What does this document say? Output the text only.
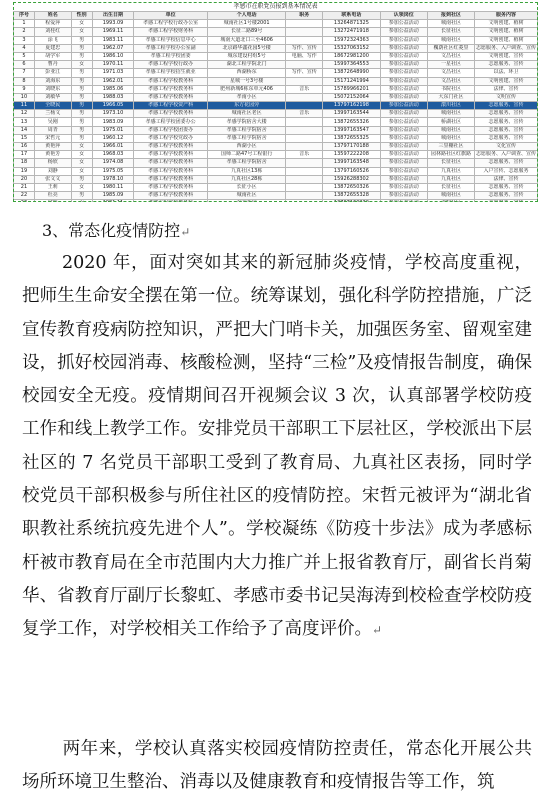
孝感市在职党员报到基本情况表
序号	姓名	性别	出生日期	单位	个人电话	职务	联系电话	认领岗位	报到社区	服务内容
1	程爱萍	女	1993.09	孝感工程学校行政办公室	城南社区1号楼2001		13264871325	参加公益活动	城南社区	文明创建、植树
2	刘桂红	女	1969.11	孝感工程学校财务科	长征二路89号		13272471918	参加公益活动	长征社区	文明创建、植树
3	涂飞	男	1983.11	孝感工程学校信息中心	城南大道北口三至4606		15972324363	参加公益活动	城南社区	文明创建、植树
4	夏建忠	男	1962.07	孝感工程学校办公室副	北京路华鑫花园5号楼	写作、宣传	15327063152	参加公益活动	槐荫社区红菱里	志愿服务、入户调查、宣传
5	胡学军	男	1986.10	孝感工程学校团委	城东建设村组5号	电脑、写作	18672981200	参加公益活动	文昌社区	文明创建、宣传
6	曹丹	女	1970.11	孝感工程学校行政办	湖北工程学院北门		15997364553	参加公益活动	一星社区	志愿服务、宣传
7	彭亚江	男	1971.03	孝感工程学校招生就业	西湖桥东	写作、宣传	13872648990	参加公益活动	文昌社区	以法、环卫
8	刘海东	男	1962.01	孝感工程学校教务科	星城一号3号楼		15171241994	参加公益活动	文昌社区	文明创建、宣传
9	刘晓东	男	1985.06	孝感工程学校教务科	肥州新城6栋东单元406	音乐	15789966201	参加公益活动	书院社区	法律、宣传
10	刘敏华	男	1988.03	孝感工程学校教务科	孝南小区		15072152064	参加公益活动	大东门社区	文明宣传
11	全晓民	男	1966.05	孝感工程学校资产科	东方花园旁		13797162198	参加公益活动	澴川社区	志愿服务、宣传
12	兰杨文	男	1973.10	孝感工程学校教务科	城南社区老区	音乐	13997163544	参加公益活动	城南社区	志愿服务、宣传
13	吴刚	男	1983.09	孝感工程学校团委办公	孝感学院宿舍大楼		13872655326	参加公益活动	桥湖社区	志愿服务、宣传
14	周青	男	1975.01	孝感工程学校团委办	孝感工程学院宿舍		13997163547	参加公益活动	城南社区	志愿服务、宣传
15	宋哲元	男	1960.12	孝感工程学校党政办	孝感工程学院宿舍		13872655325	参加公益活动	城南社区	志愿服务、宣传
16	黄艳萍	女	1966.01	孝感工程学校教务科	西湖小区		13797170188	参加公益活动	三里棚社区	文化宣传
17	黄艳芳	女	1968.03	孝感工程学校教务科	国师二路47号工程银行	音乐	13597222208	参加公益活动	园林路社区红旗路	志愿服务、入户调查、宣传
18	杨欣	女	1974.08	孝感工程学校教务科	孝感工程学院宿舍		13997163548	参加公益活动	长征社区	志愿服务、宣传
19	刘静	女	1975.05	孝感工程学校教务科	九真社区13栋		13797160526	参加公益活动	九真社区	入户宣传、志愿服务
20	张文文	男	1978.10	孝感工程学校教务科	九真社区28栋		15926288302	参加公益活动	九真社区	法律、宣传
21	王莉	女	1980.11	孝感工程学校教务科	长征小区		13872650326	参加公益活动	长征社区	志愿服务、宣传
22	杜亮	男	1985.09	孝感工程学校教务科	城南社区		13872655328	参加公益活动	城南社区	志愿服务、宣传

3、常态化疫情防控↵

2020 年，面对突如其来的新冠肺炎疫情，学校高度重视，把师生生命安全摆在第一位。统筹谋划，强化科学防控措施，广泛宣传教育疫病防控知识，严把大门哨卡关，加强医务室、留观室建设，抓好校园消毒、核酸检测，坚持“三检”及疫情报告制度，确保校园安全无疫。疫情期间召开视频会议 3 次，认真部署学校防疫工作和线上教学工作。安排党员干部职工下层社区，学校派出下层社区的 7 名党员干部职工受到了教育局、九真社区表扬，同时学校党员干部积极参与所住社区的疫情防控。宋哲元被评为“湖北省职教社系统抗疫先进个人”。学校凝练《防疫十步法》成为孝感标杆被市教育局在全市范围内大力推广并上报省教育厅，副省长肖菊华、省教育厅副厅长黎虹、孝感市委书记吴海涛到校检查学校防疫复学工作，对学校相关工作给予了高度评价。↵

两年来，学校认真落实校园疫情防控责任，常态化开展公共场所环境卫生整治、消毒以及健康教育和疫情报告等工作，筑
